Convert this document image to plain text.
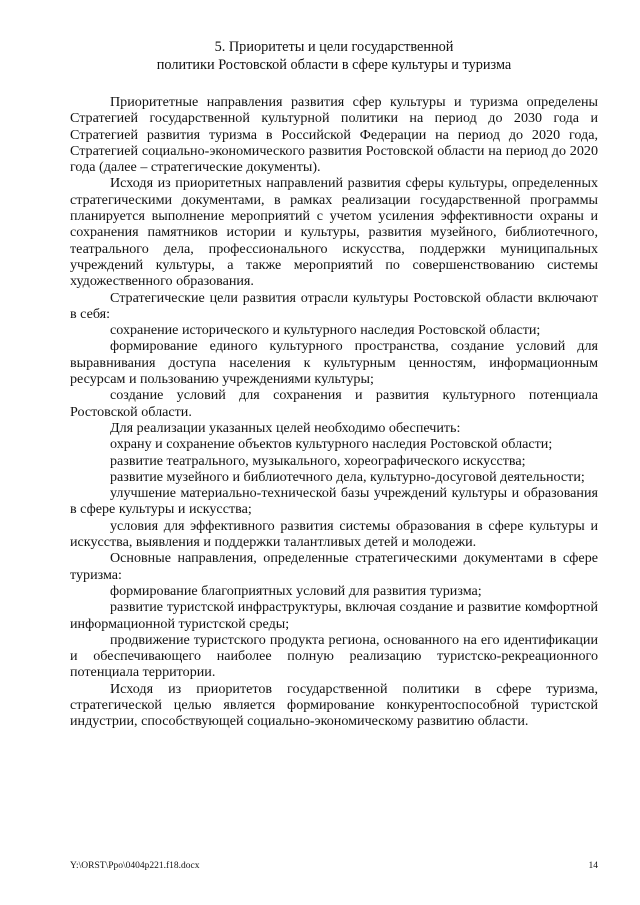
5. Приоритеты и цели государственной
политики Ростовской области в сфере культуры и туризма

Приоритетные направления развития сфер культуры и туризма определены Стратегией государственной культурной политики на период до 2030 года и Стратегией развития туризма в Российской Федерации на период до 2020 года, Стратегией социально-экономического развития Ростовской области на период до 2020 года (далее – стратегические документы).

Исходя из приоритетных направлений развития сферы культуры, определенных стратегическими документами, в рамках реализации государственной программы планируется выполнение мероприятий с учетом усиления эффективности охраны и сохранения памятников истории и культуры, развития музейного, библиотечного, театрального дела, профессионального искусства, поддержки муниципальных учреждений культуры, а также мероприятий по совершенствованию системы художественного образования.

Стратегические цели развития отрасли культуры Ростовской области включают в себя:

сохранение исторического и культурного наследия Ростовской области;

формирование единого культурного пространства, создание условий для выравнивания доступа населения к культурным ценностям, информационным ресурсам и пользованию учреждениями культуры;

создание условий для сохранения и развития культурного потенциала Ростовской области.

Для реализации указанных целей необходимо обеспечить:

охрану и сохранение объектов культурного наследия Ростовской области;

развитие театрального, музыкального, хореографического искусства;

развитие музейного и библиотечного дела, культурно-досуговой деятельности;

улучшение материально-технической базы учреждений культуры и образования в сфере культуры и искусства;

условия для эффективного развития системы образования в сфере культуры и искусства, выявления и поддержки талантливых детей и молодежи.

Основные направления, определенные стратегическими документами в сфере туризма:

формирование благоприятных условий для развития туризма;

развитие туристской инфраструктуры, включая создание и развитие комфортной информационной туристской среды;

продвижение туристского продукта региона, основанного на его идентификации и обеспечивающего наиболее полную реализацию туристско-рекреационного потенциала территории.

Исходя из приоритетов государственной политики в сфере туризма, стратегической целью является формирование конкурентоспособной туристской индустрии, способствующей социально-экономическому развитию области.

Y:\ORST\Ppo\0404p221.f18.docx	14
